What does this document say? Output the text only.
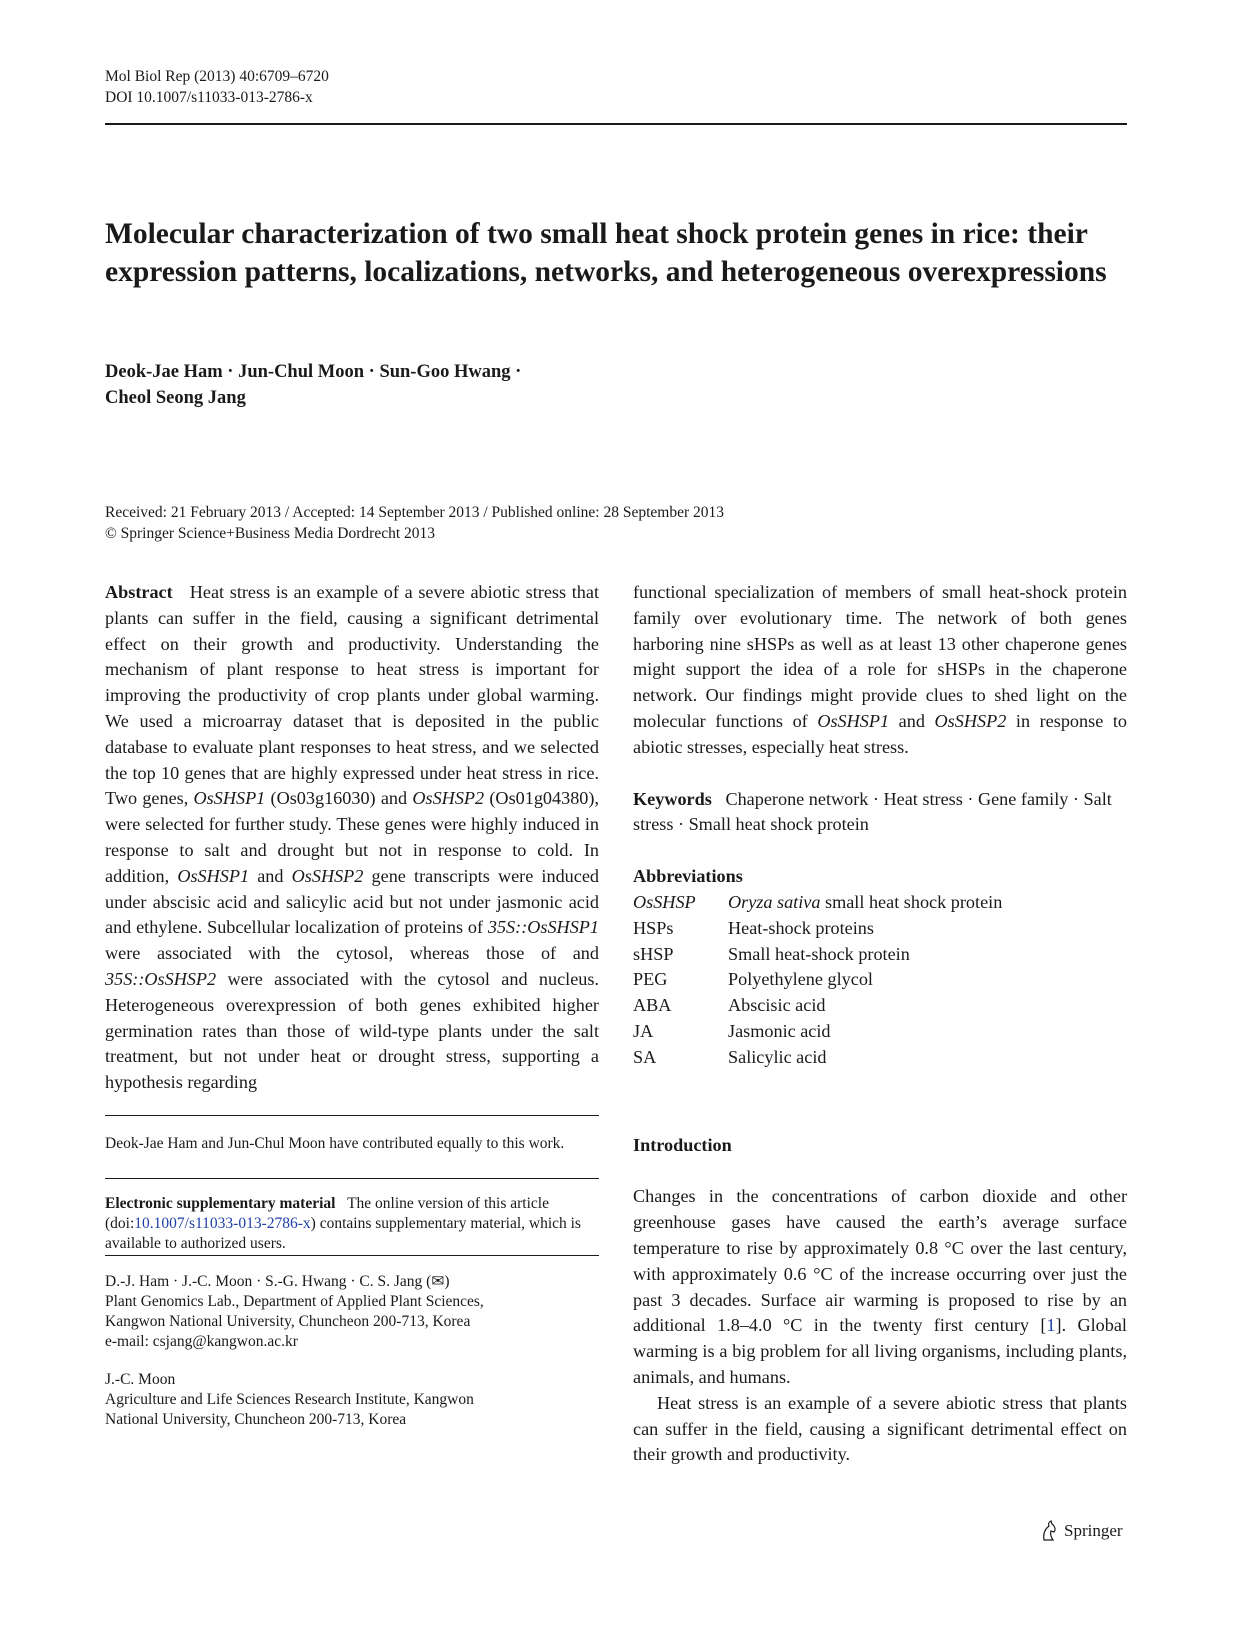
Mol Biol Rep (2013) 40:6709–6720
DOI 10.1007/s11033-013-2786-x
Molecular characterization of two small heat shock protein genes in rice: their expression patterns, localizations, networks, and heterogeneous overexpressions
Deok-Jae Ham · Jun-Chul Moon · Sun-Goo Hwang ·
Cheol Seong Jang
Received: 21 February 2013 / Accepted: 14 September 2013 / Published online: 28 September 2013
© Springer Science+Business Media Dordrecht 2013

Abstract Heat stress is an example of a severe abiotic stress that plants can suffer in the field, causing a significant detrimental effect on their growth and productivity. Understanding the mechanism of plant response to heat stress is important for improving the productivity of crop plants under global warming. We used a microarray dataset that is deposited in the public database to evaluate plant responses to heat stress, and we selected the top 10 genes that are highly expressed under heat stress in rice. Two genes, OsSHSP1 (Os03g16030) and OsSHSP2 (Os01g04380), were selected for further study. These genes were highly induced in response to salt and drought but not in response to cold. In addition, OsSHSP1 and OsSHSP2 gene transcripts were induced under abscisic acid and salicylic acid but not under jasmonic acid and ethylene. Subcellular localization of proteins of 35S::OsSHSP1 were associated with the cytosol, whereas those of and 35S::OsSHSP2 were associated with the cytosol and nucleus. Heterogeneous overexpression of both genes exhibited higher germination rates than those of wild-type plants under the salt treatment, but not under heat or drought stress, supporting a hypothesis regarding

Deok-Jae Ham and Jun-Chul Moon have contributed equally to this work.
Electronic supplementary material The online version of this article (doi:10.1007/s11033-013-2786-x) contains supplementary material, which is available to authorized users.
D.-J. Ham · J.-C. Moon · S.-G. Hwang · C. S. Jang (✉)
Plant Genomics Lab., Department of Applied Plant Sciences,
Kangwon National University, Chuncheon 200-713, Korea
e-mail: csjang@kangwon.ac.kr
J.-C. Moon
Agriculture and Life Sciences Research Institute, Kangwon
National University, Chuncheon 200-713, Korea

functional specialization of members of small heat-shock protein family over evolutionary time. The network of both genes harboring nine sHSPs as well as at least 13 other chaperone genes might support the idea of a role for sHSPs in the chaperone network. Our findings might provide clues to shed light on the molecular functions of OsSHSP1 and OsSHSP2 in response to abiotic stresses, especially heat stress.

Keywords Chaperone network · Heat stress · Gene family · Salt stress · Small heat shock protein
Abbreviations
OsSHSP	Oryza sativa small heat shock protein
HSPs	Heat-shock proteins
sHSP	Small heat-shock protein
PEG	Polyethylene glycol
ABA	Abscisic acid
JA	Jasmonic acid
SA	Salicylic acid
Introduction

Changes in the concentrations of carbon dioxide and other greenhouse gases have caused the earth’s average surface temperature to rise by approximately 0.8 °C over the last century, with approximately 0.6 °C of the increase occurring over just the past 3 decades. Surface air warming is proposed to rise by an additional 1.8–4.0 °C in the twenty first century [1]. Global warming is a big problem for all living organisms, including plants, animals, and humans.

Heat stress is an example of a severe abiotic stress that plants can suffer in the field, causing a significant detrimental effect on their growth and productivity.

Springer
